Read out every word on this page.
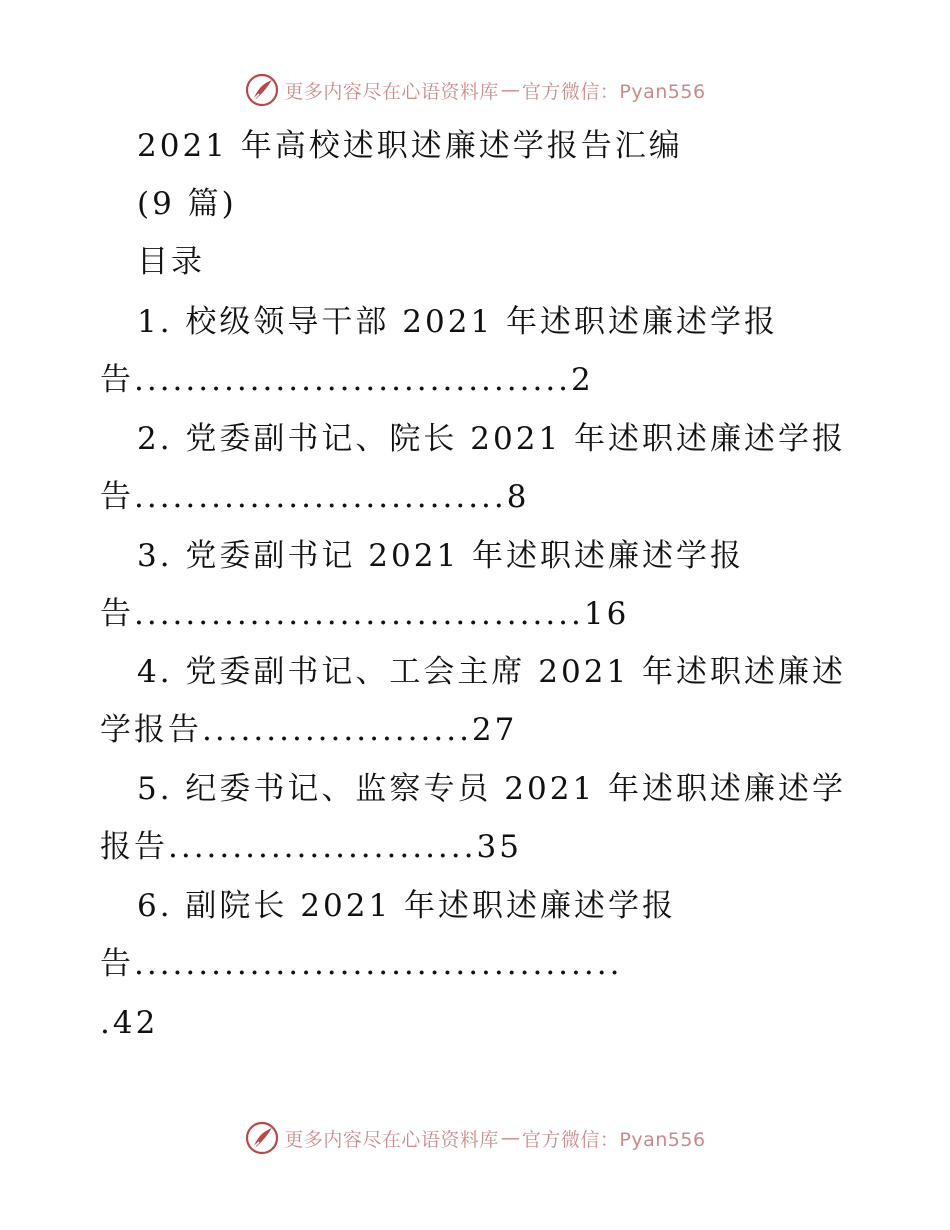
更多内容尽在心语资料库 — 官方微信：Pyan556
2021 年高校述职述廉述学报告汇编
(9 篇)
目录
1. 校级领导干部 2021 年述职述廉述学报
告..................................2
2. 党委副书记、院长 2021 年述职述廉述学报
告.............................8
3. 党委副书记 2021 年述职述廉述学报
告...................................16
4. 党委副书记、工会主席 2021 年述职述廉述
学报告.....................27
5. 纪委书记、监察专员 2021 年述职述廉述学
报告........................35
6. 副院长 2021 年述职述廉述学报
告......................................
.42
更多内容尽在心语资料库 — 官方微信：Pyan556
